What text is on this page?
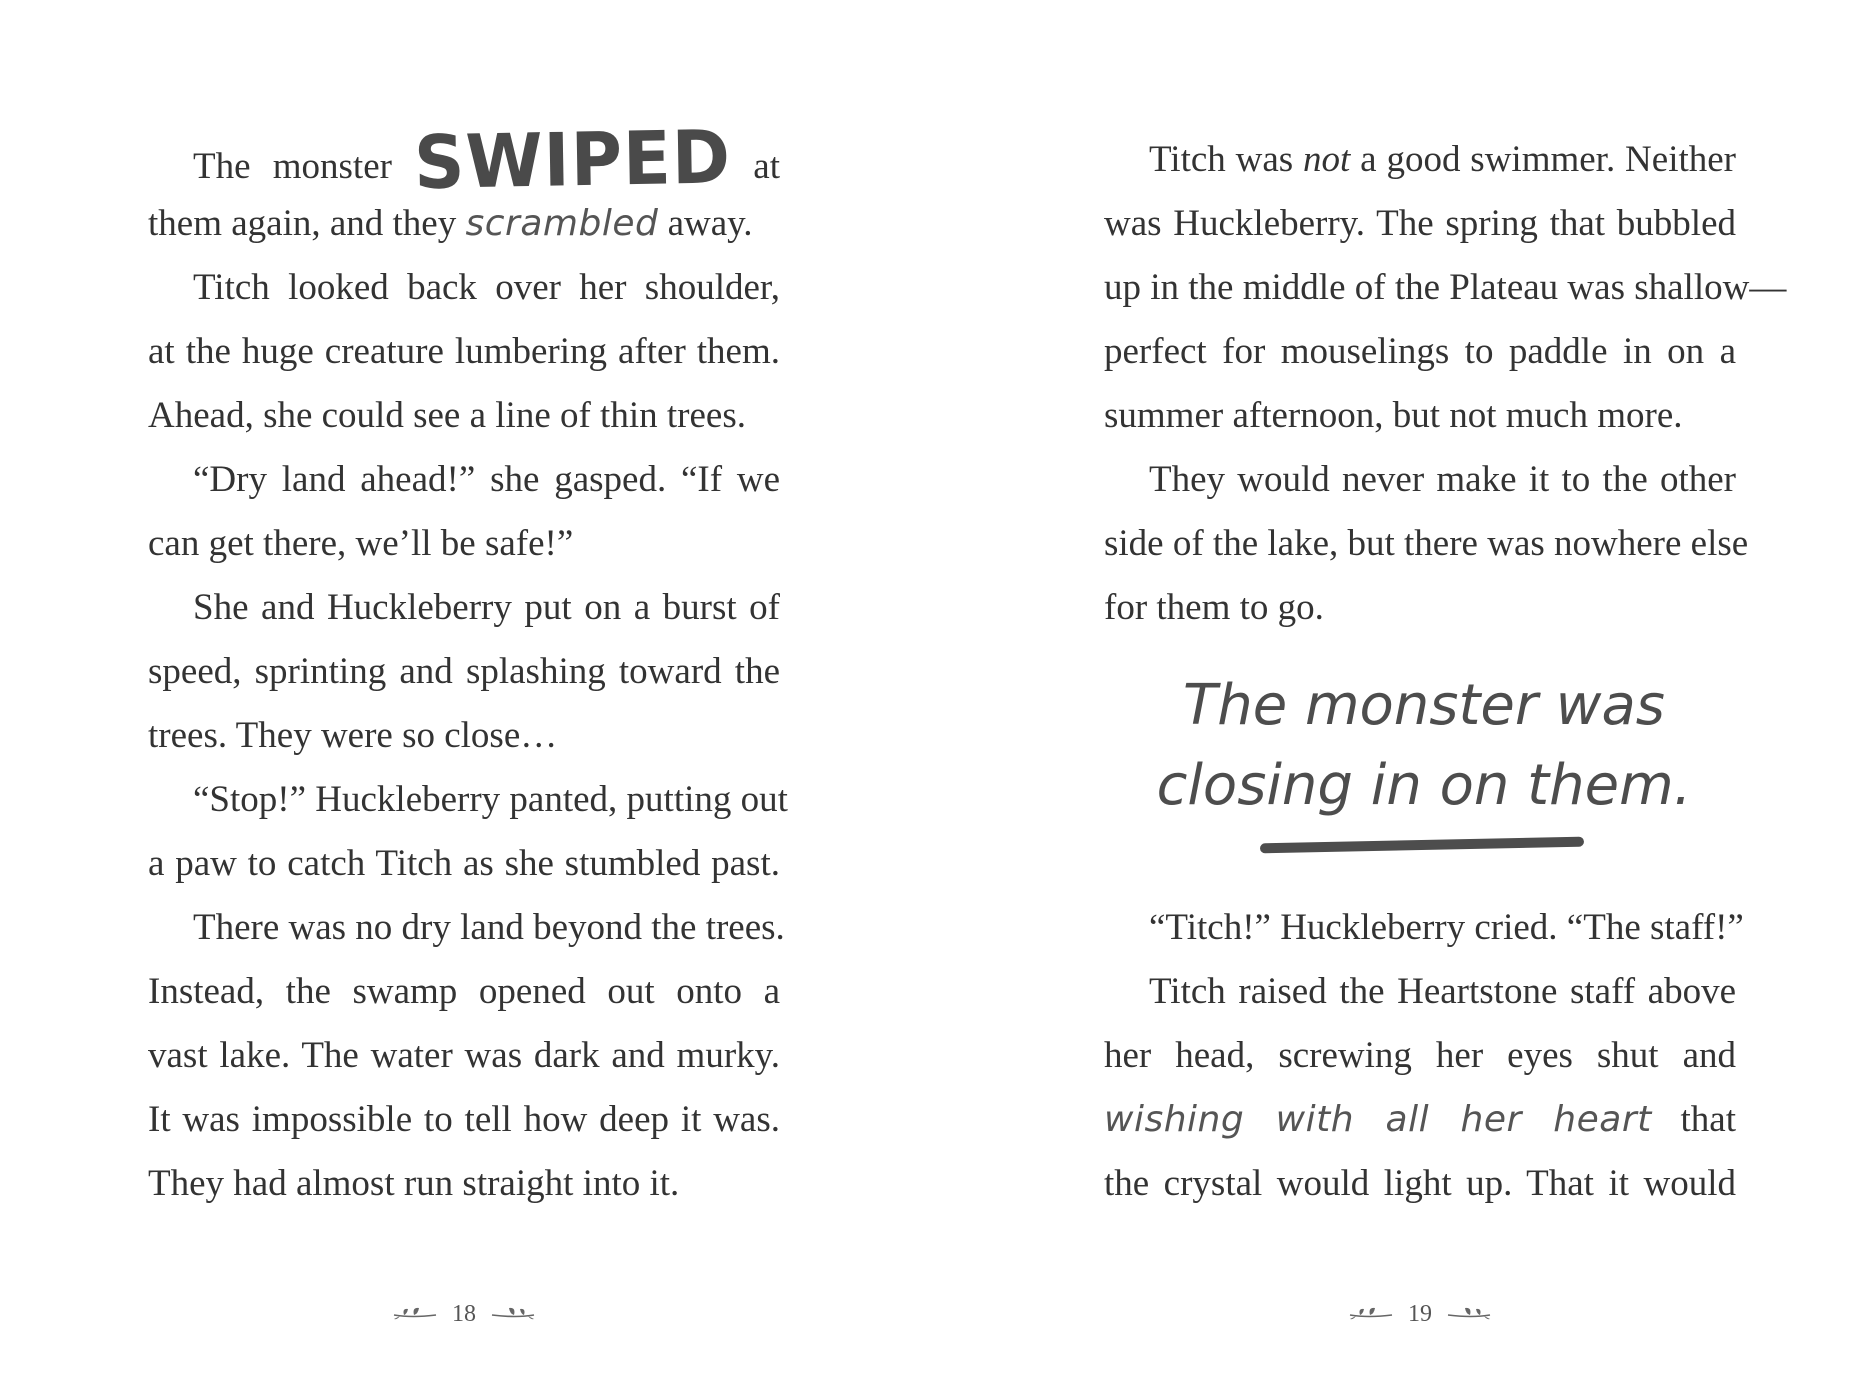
The monster SWIPED at
them again, and they scrambled away.
Titch looked back over her shoulder,
at the huge creature lumbering after them.
Ahead, she could see a line of thin trees.
“Dry land ahead!” she gasped. “If we
can get there, we’ll be safe!”
She and Huckleberry put on a burst of
speed, sprinting and splashing toward the
trees. They were so close…
“Stop!” Huckleberry panted, putting out
a paw to catch Titch as she stumbled past.
There was no dry land beyond the trees.
Instead, the swamp opened out onto a
vast lake. The water was dark and murky.
It was impossible to tell how deep it was.
They had almost run straight into it.
18
Titch was not a good swimmer. Neither
was Huckleberry. The spring that bubbled
up in the middle of the Plateau was shallow—
perfect for mouselings to paddle in on a
summer afternoon, but not much more.
They would never make it to the other
side of the lake, but there was nowhere else
for them to go.
The monster was
closing in on them.
“Titch!” Huckleberry cried. “The staff!”
Titch raised the Heartstone staff above
her head, screwing her eyes shut and
wishing with all her heart that
the crystal would light up. That it would
19
